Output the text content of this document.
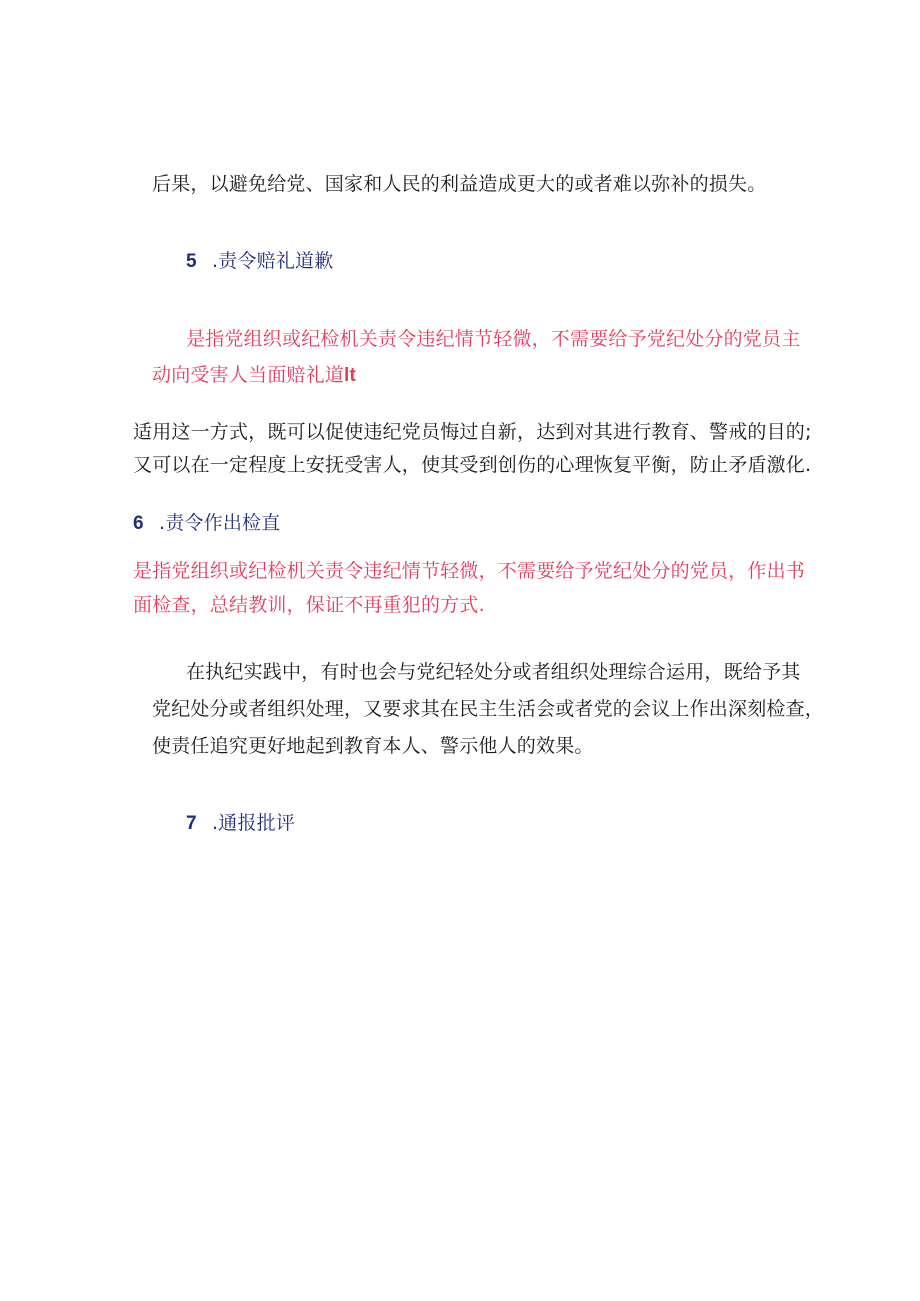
后果，以避免给党、国家和人民的利益造成更大的或者难以弥补的损失。
5 .责令赔礼道歉
是指党组织或纪检机关责令违纪情节轻微，不需要给予党纪处分的党员主
动向受害人当面赔礼道lt
适用这一方式，既可以促使违纪党员悔过自新，达到对其进行教育、警戒的目的;
又可以在一定程度上安抚受害人，使其受到创伤的心理恢复平衡，防止矛盾激化.
6 .责令作出检直
是指党组织或纪检机关责令违纪情节轻微，不需要给予党纪处分的党员，作出书
面检查，总结教训，保证不再重犯的方式.
在执纪实践中，有时也会与党纪轻处分或者组织处理综合运用，既给予其
党纪处分或者组织处理，又要求其在民主生活会或者党的会议上作出深刻检查，
使责任追究更好地起到教育本人、警示他人的效果。
7 .通报批评
